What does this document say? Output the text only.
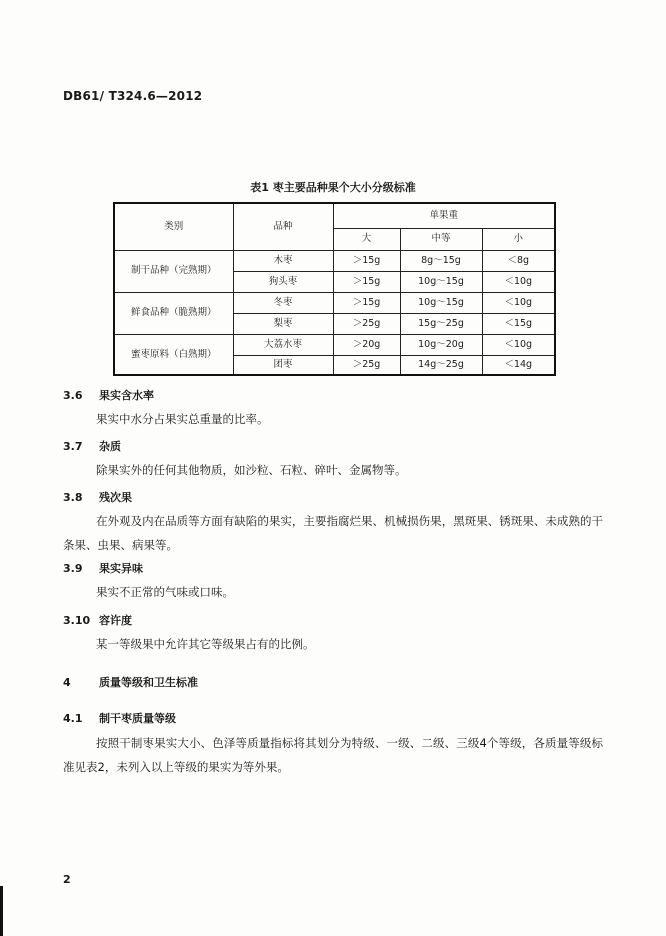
DB61/ T324.6—2012
表1 枣主要品种果个大小分级标准
类别	品种	单果重		
		大	中等	小
制干品种（完熟期）	木枣	＞15g	8g～15g	＜8g
	狗头枣	＞15g	10g～15g	＜10g
鲜食品种（脆熟期）	冬枣	＞15g	10g～15g	＜10g
	梨枣	＞25g	15g～25g	＜15g
蜜枣原料（白熟期）	大荔水枣	＞20g	10g～20g	＜10g
	团枣	＞25g	14g～25g	＜14g
3.6 果实含水率
果实中水分占果实总重量的比率。
3.7 杂质
除果实外的任何其他物质，如沙粒、石粒、碎叶、金属物等。
3.8 残次果
在外观及内在品质等方面有缺陷的果实，主要指腐烂果、机械损伤果，黑斑果、锈斑果、未成熟的干条果、虫果、病果等。
3.9 果实异味
果实不正常的气味或口味。
3.10 容许度
某一等级果中允许其它等级果占有的比例。
4	质量等级和卫生标准
4.1 制干枣质量等级
按照干制枣果实大小、色泽等质量指标将其划分为特级、一级、二级、三级4个等级，各质量等级标准见表2，未列入以上等级的果实为等外果。
2
